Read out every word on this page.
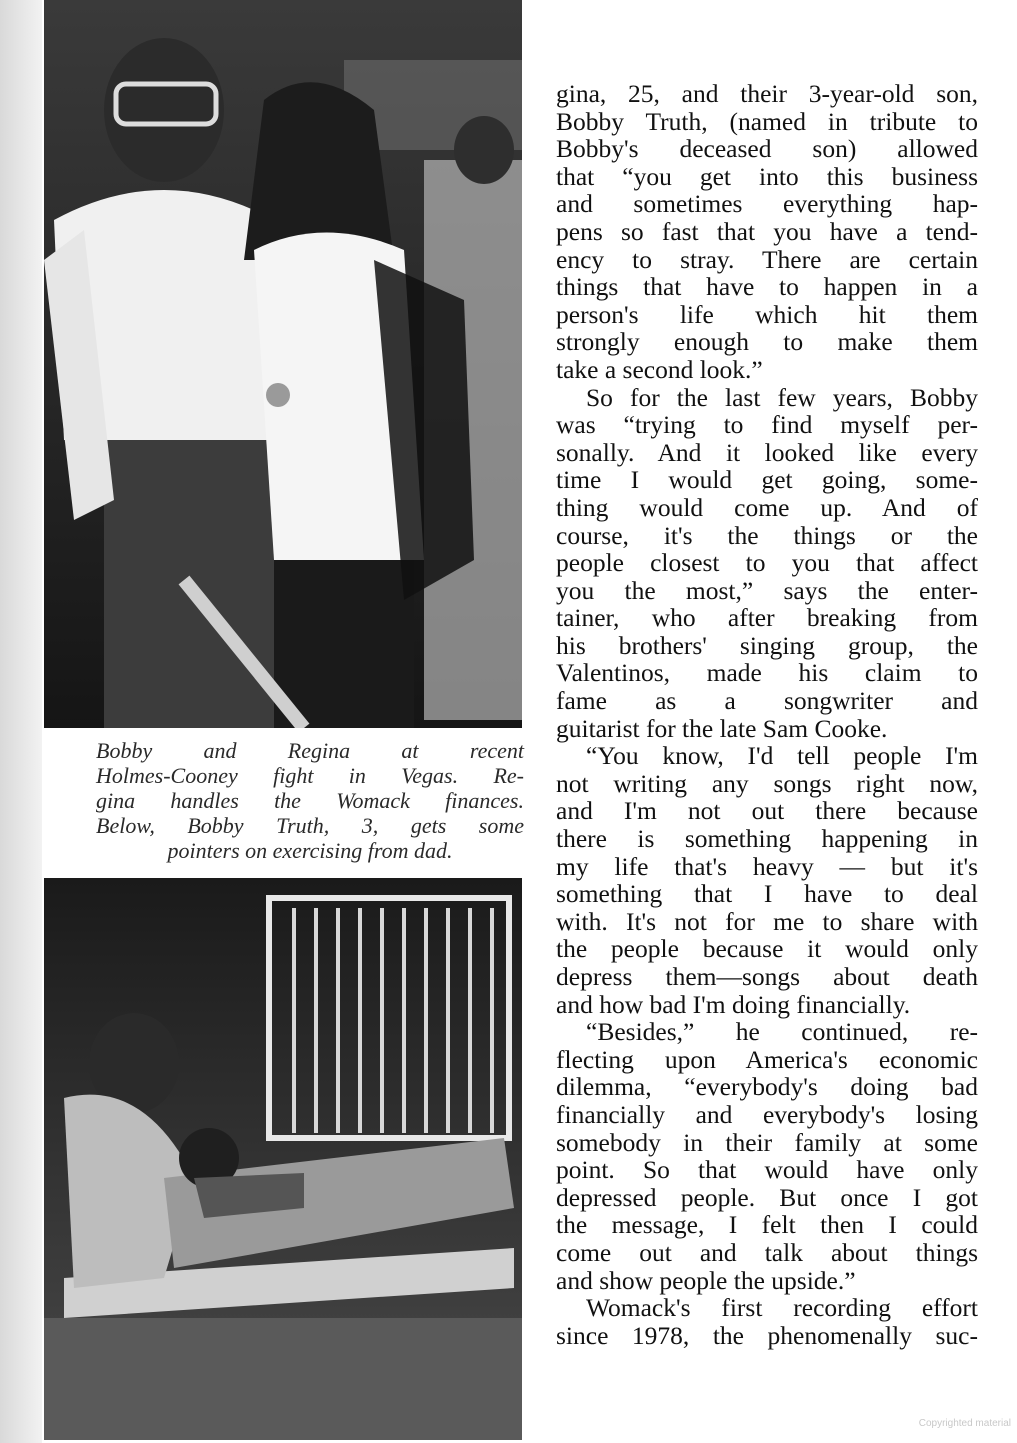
Bobby and Regina at recent
Holmes-Cooney fight in Vegas. Re-
gina handles the Womack finances.
Below, Bobby Truth, 3, gets some
pointers on exercising from dad.
gina, 25, and their 3-year-old son,
Bobby Truth, (named in tribute to
Bobby's deceased son) allowed
that “you get into this business
and sometimes everything hap-
pens so fast that you have a tend-
ency to stray. There are certain
things that have to happen in a
person's life which hit them
strongly enough to make them
take a second look.”
So for the last few years, Bobby
was “trying to find myself per-
sonally. And it looked like every
time I would get going, some-
thing would come up. And of
course, it's the things or the
people closest to you that affect
you the most,” says the enter-
tainer, who after breaking from
his brothers' singing group, the
Valentinos, made his claim to
fame as a songwriter and
guitarist for the late Sam Cooke.
“You know, I'd tell people I'm
not writing any songs right now,
and I'm not out there because
there is something happening in
my life that's heavy — but it's
something that I have to deal
with. It's not for me to share with
the people because it would only
depress them—songs about death
and how bad I'm doing financially.
“Besides,” he continued, re-
flecting upon America's economic
dilemma, “everybody's doing bad
financially and everybody's losing
somebody in their family at some
point. So that would have only
depressed people. But once I got
the message, I felt then I could
come out and talk about things
and show people the upside.”
Womack's first recording effort
since 1978, the phenomenally suc-
Copyrighted material
